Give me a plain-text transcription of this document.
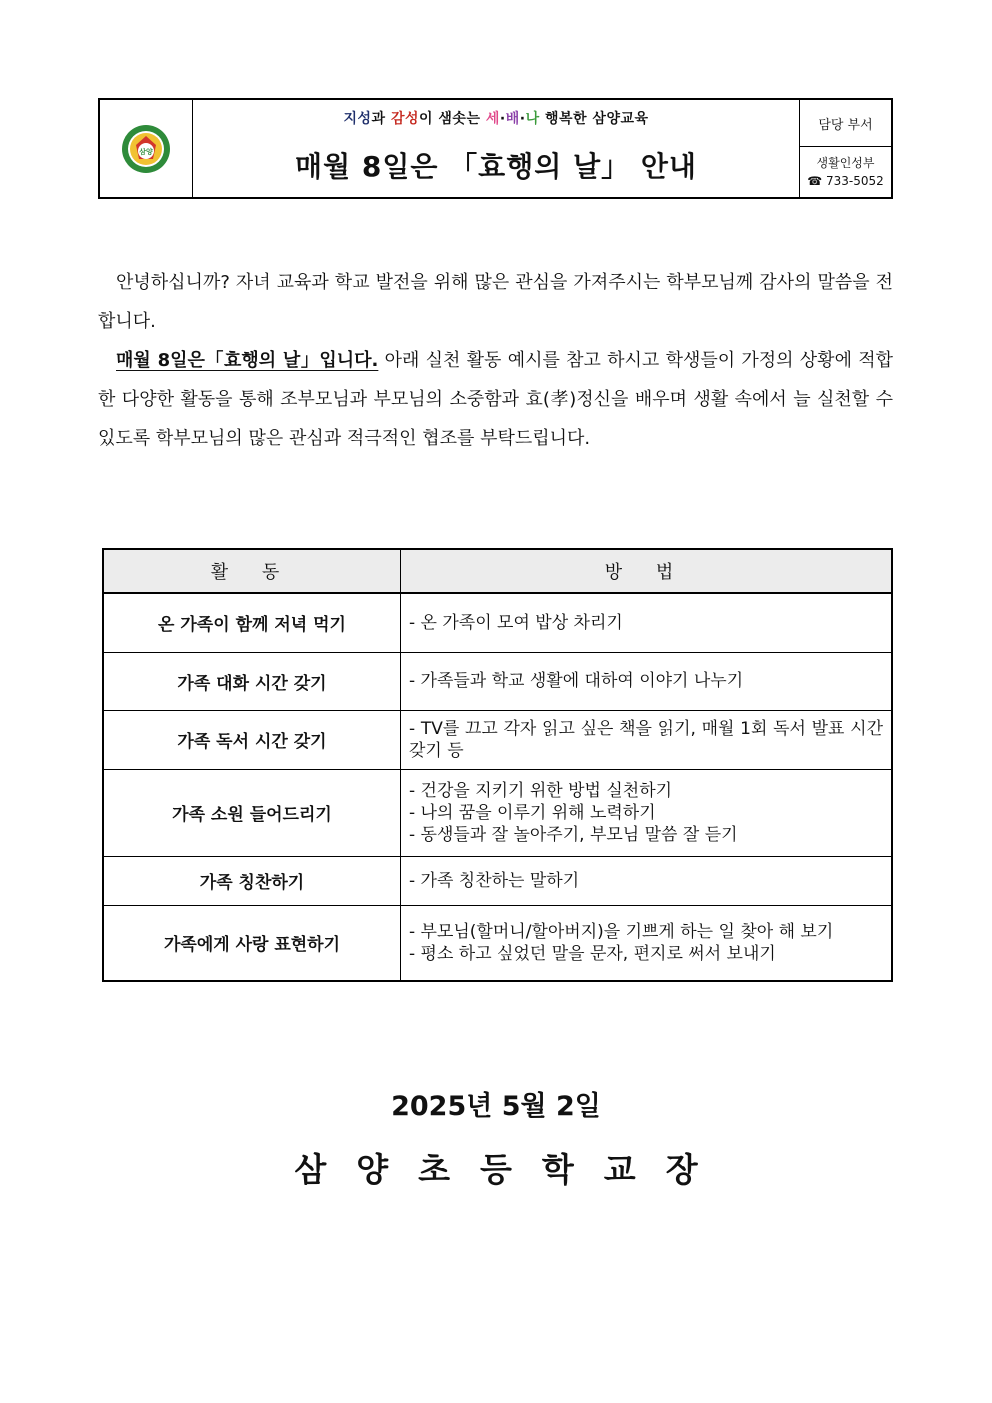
삼양
지성과 감성이 샘솟는 세·배·나 행복한 삼양교육
매월 8일은 「효행의 날」 안내
담당 부서
생활인성부
☎ 733-5052

안녕하십니까? 자녀 교육과 학교 발전을 위해 많은 관심을 가져주시는 학부모님께 감사의 말씀을 전합니다.

매월 8일은「효행의 날」입니다. 아래 실천 활동 예시를 참고 하시고 학생들이 가정의 상황에 적합한 다양한 활동을 통해 조부모님과 부모님의 소중함과 효(孝)정신을 배우며 생활 속에서 늘 실천할 수 있도록 학부모님의 많은 관심과 적극적인 협조를 부탁드립니다.

활 동	방 법
온 가족이 함께 저녁 먹기	- 온 가족이 모여 밥상 차리기

가족 대화 시간 갖기	- 가족들과 학교 생활에 대하여 이야기 나누기

가족 독서 시간 갖기	- TV를 끄고 각자 읽고 싶은 책을 읽기, 매월 1회 독서 발표 시간 갖기 등

가족 소원 들어드리기	- 건강을 지키기 위한 방법 실천하기
- 나의 꿈을 이루기 위해 노력하기
- 동생들과 잘 놀아주기, 부모님 말씀 잘 듣기

가족 칭찬하기	- 가족 칭찬하는 말하기

가족에게 사랑 표현하기	- 부모님(할머니/할아버지)을 기쁘게 하는 일 찾아 해 보기
- 평소 하고 싶었던 말을 문자, 편지로 써서 보내기
2025년 5월 2일
삼양초등학교장
